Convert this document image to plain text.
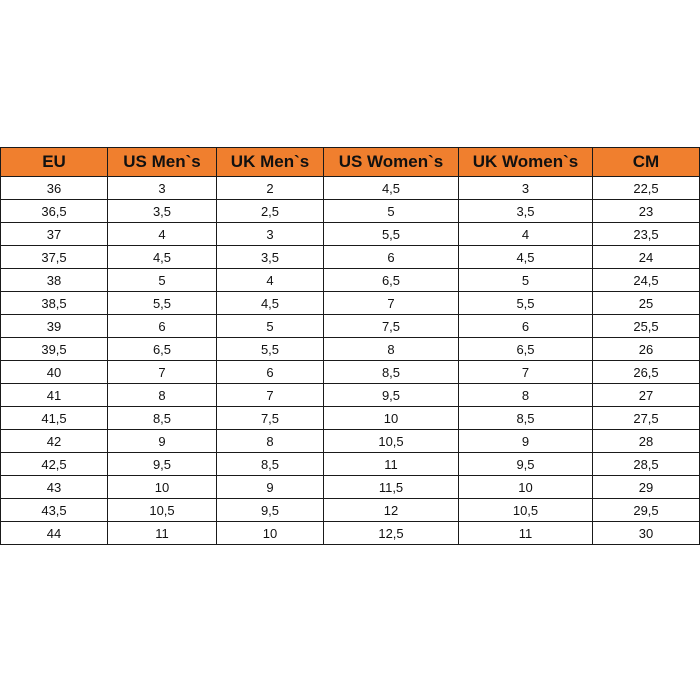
EU	US Men`s	UK Men`s	US Women`s	UK Women`s	CM
36	3	2	4,5	3	22,5
36,5	3,5	2,5	5	3,5	23
37	4	3	5,5	4	23,5
37,5	4,5	3,5	6	4,5	24
38	5	4	6,5	5	24,5
38,5	5,5	4,5	7	5,5	25
39	6	5	7,5	6	25,5
39,5	6,5	5,5	8	6,5	26
40	7	6	8,5	7	26,5
41	8	7	9,5	8	27
41,5	8,5	7,5	10	8,5	27,5
42	9	8	10,5	9	28
42,5	9,5	8,5	11	9,5	28,5
43	10	9	11,5	10	29
43,5	10,5	9,5	12	10,5	29,5
44	11	10	12,5	11	30
